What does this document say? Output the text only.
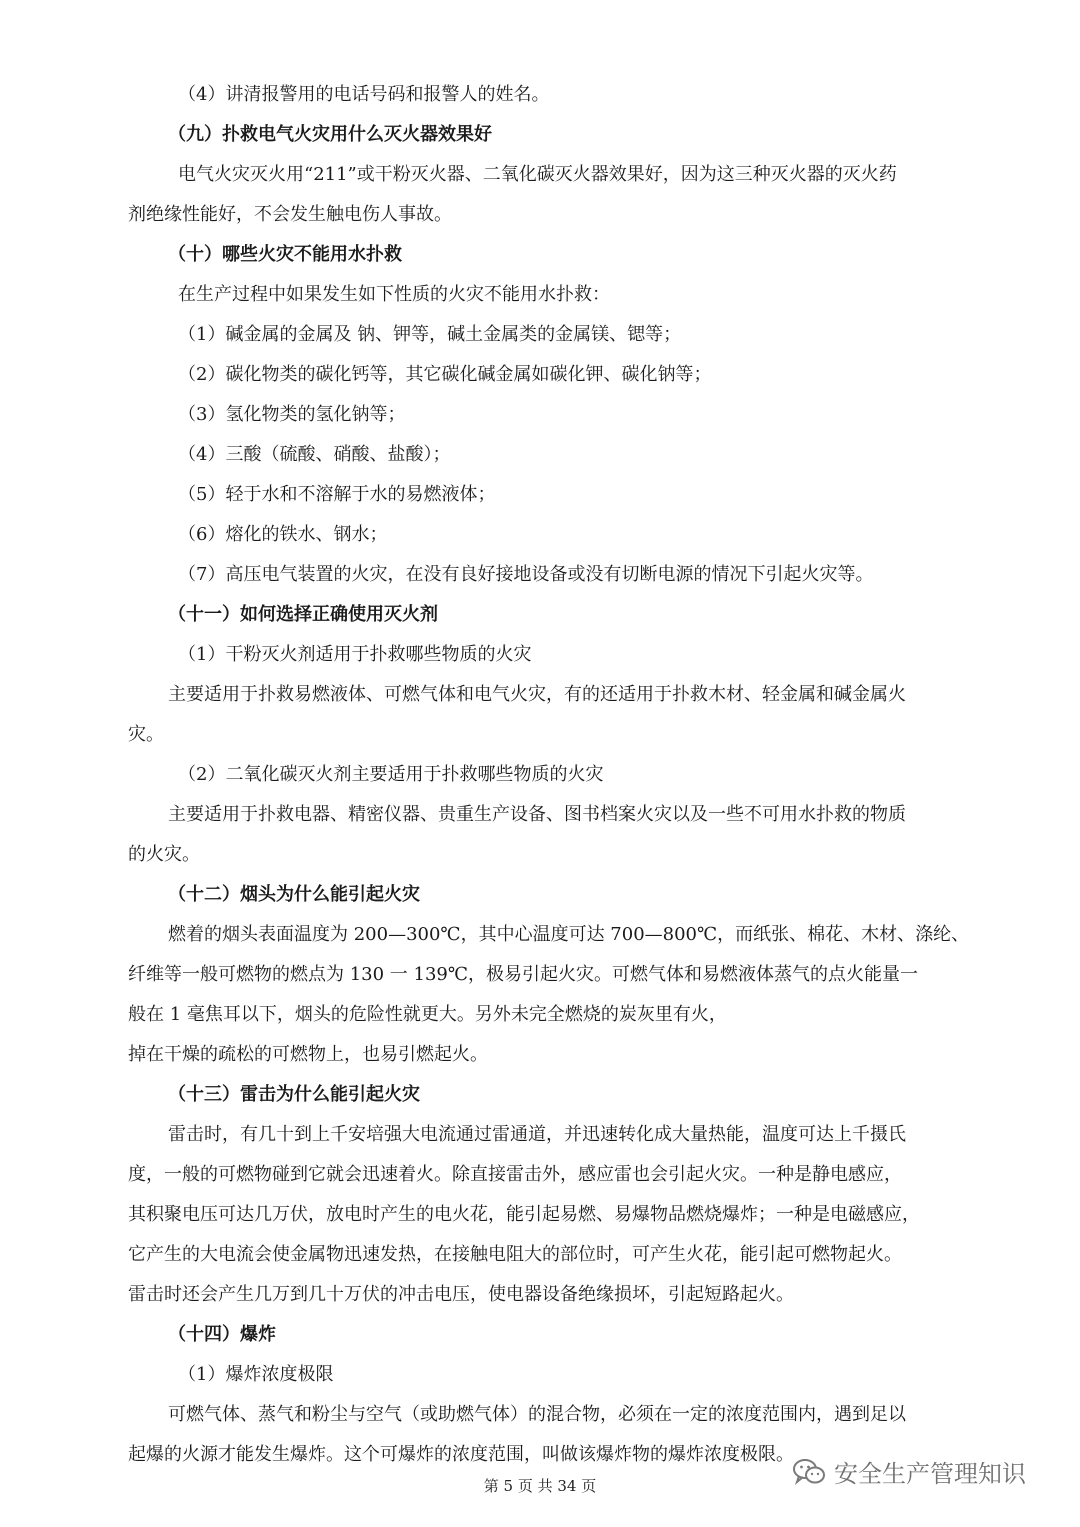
（4）讲清报警用的电话号码和报警人的姓名。
（九）扑救电气火灾用什么灭火器效果好
电气火灾灭火用“211”或干粉灭火器、二氧化碳灭火器效果好，因为这三种灭火器的灭火药
剂绝缘性能好，不会发生触电伤人事故。
（十）哪些火灾不能用水扑救
在生产过程中如果发生如下性质的火灾不能用水扑救：
（1）碱金属的金属及 钠、钾等，碱土金属类的金属镁、锶等；
（2）碳化物类的碳化钙等，其它碳化碱金属如碳化钾、碳化钠等；
（3）氢化物类的氢化钠等；
（4）三酸（硫酸、硝酸、盐酸）；
（5）轻于水和不溶解于水的易燃液体；
（6）熔化的铁水、钢水；
（7）高压电气装置的火灾，在没有良好接地设备或没有切断电源的情况下引起火灾等。
（十一）如何选择正确使用灭火剂
（1）干粉灭火剂适用于扑救哪些物质的火灾
主要适用于扑救易燃液体、可燃气体和电气火灾，有的还适用于扑救木材、轻金属和碱金属火
灾。
（2）二氧化碳灭火剂主要适用于扑救哪些物质的火灾
主要适用于扑救电器、精密仪器、贵重生产设备、图书档案火灾以及一些不可用水扑救的物质
的火灾。
（十二）烟头为什么能引起火灾
燃着的烟头表面温度为 200—300℃，其中心温度可达 700—800℃，而纸张、棉花、木材、涤纶、
纤维等一般可燃物的燃点为 130 一 139℃，极易引起火灾。可燃气体和易燃液体蒸气的点火能量一
般在 1 毫焦耳以下，烟头的危险性就更大。另外未完全燃烧的炭灰里有火，
掉在干燥的疏松的可燃物上，也易引燃起火。
（十三）雷击为什么能引起火灾
雷击时，有几十到上千安培强大电流通过雷通道，并迅速转化成大量热能，温度可达上千摄氏
度，一般的可燃物碰到它就会迅速着火。除直接雷击外，感应雷也会引起火灾。一种是静电感应，
其积聚电压可达几万伏，放电时产生的电火花，能引起易燃、易爆物品燃烧爆炸；一种是电磁感应，
它产生的大电流会使金属物迅速发热，在接触电阻大的部位时，可产生火花，能引起可燃物起火。
雷击时还会产生几万到几十万伏的冲击电压，使电器设备绝缘损坏，引起短路起火。
（十四）爆炸
（1）爆炸浓度极限
可燃气体、蒸气和粉尘与空气（或助燃气体）的混合物，必须在一定的浓度范围内，遇到足以
起爆的火源才能发生爆炸。这个可爆炸的浓度范围，叫做该爆炸物的爆炸浓度极限。
安全生产管理知识
第 5 页 共 34 页
